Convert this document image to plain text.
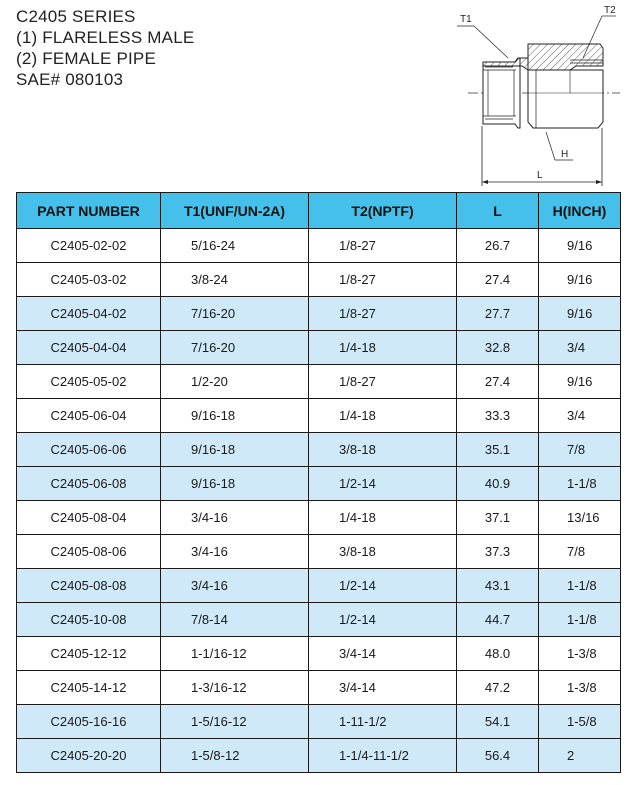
C2405 SERIES
(1) FLARELESS MALE
(2) FEMALE PIPE
SAE# 080103
T1
T2
H
L
PART NUMBER	T1(UNF/UN-2A)	T2(NPTF)	L	H(INCH)
C2405-02-02	5/16-24	1/8-27	26.7	9/16
C2405-03-02	3/8-24	1/8-27	27.4	9/16
C2405-04-02	7/16-20	1/8-27	27.7	9/16
C2405-04-04	7/16-20	1/4-18	32.8	3/4
C2405-05-02	1/2-20	1/8-27	27.4	9/16
C2405-06-04	9/16-18	1/4-18	33.3	3/4
C2405-06-06	9/16-18	3/8-18	35.1	7/8
C2405-06-08	9/16-18	1/2-14	40.9	1-1/8
C2405-08-04	3/4-16	1/4-18	37.1	13/16
C2405-08-06	3/4-16	3/8-18	37.3	7/8
C2405-08-08	3/4-16	1/2-14	43.1	1-1/8
C2405-10-08	7/8-14	1/2-14	44.7	1-1/8
C2405-12-12	1-1/16-12	3/4-14	48.0	1-3/8
C2405-14-12	1-3/16-12	3/4-14	47.2	1-3/8
C2405-16-16	1-5/16-12	1-11-1/2	54.1	1-5/8
C2405-20-20	1-5/8-12	1-1/4-11-1/2	56.4	2
